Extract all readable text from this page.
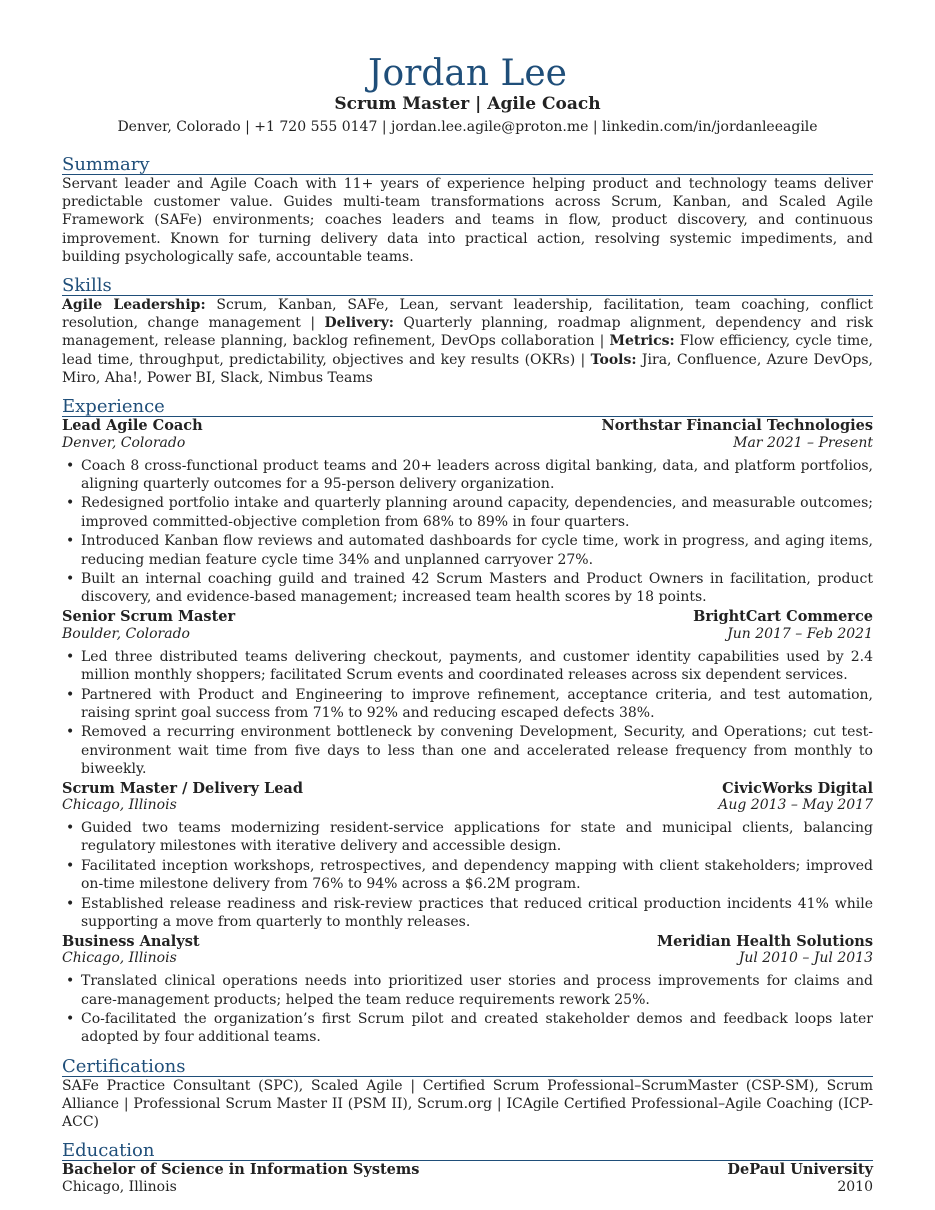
Jordan Lee
Scrum Master | Agile Coach
Denver, Colorado | +1 720 555 0147 | jordan.lee.agile@proton.me | linkedin.com/in/jordanleeagile
Summary

Servant leader and Agile Coach with 11+ years of experience helping product and technology teams deliver predictable customer value. Guides multi-team transformations across Scrum, Kanban, and Scaled Agile Framework (SAFe) environments; coaches leaders and teams in flow, product discovery, and continuous improvement. Known for turning delivery data into practical action, resolving systemic impediments, and building psychologically safe, accountable teams.

Skills

Agile Leadership: Scrum, Kanban, SAFe, Lean, servant leadership, facilitation, team coaching, conflict resolution, change management | Delivery: Quarterly planning, roadmap alignment, dependency and risk management, release planning, backlog refinement, DevOps collaboration | Metrics: Flow efficiency, cycle time, lead time, throughput, predictability, objectives and key results (OKRs) | Tools: Jira, Confluence, Azure DevOps, Miro, Aha!, Power BI, Slack, Nimbus Teams

Experience
Lead Agile Coach	Northstar Financial Technologies
Denver, Colorado	Mar 2021 – Present
• Coach 8 cross-functional product teams and 20+ leaders across digital banking, data, and platform portfolios, aligning quarterly outcomes for a 95-person delivery organization.
• Redesigned portfolio intake and quarterly planning around capacity, dependencies, and measurable outcomes; improved committed-objective completion from 68% to 89% in four quarters.
• Introduced Kanban flow reviews and automated dashboards for cycle time, work in progress, and aging items, reducing median feature cycle time 34% and unplanned carryover 27%.
• Built an internal coaching guild and trained 42 Scrum Masters and Product Owners in facilitation, product discovery, and evidence-based management; increased team health scores by 18 points.
Senior Scrum Master	BrightCart Commerce
Boulder, Colorado	Jun 2017 – Feb 2021
• Led three distributed teams delivering checkout, payments, and customer identity capabilities used by 2.4 million monthly shoppers; facilitated Scrum events and coordinated releases across six dependent services.
• Partnered with Product and Engineering to improve refinement, acceptance criteria, and test automation, raising sprint goal success from 71% to 92% and reducing escaped defects 38%.
• Removed a recurring environment bottleneck by convening Development, Security, and Operations; cut test-environment wait time from five days to less than one and accelerated release frequency from monthly to biweekly.
Scrum Master / Delivery Lead	CivicWorks Digital
Chicago, Illinois	Aug 2013 – May 2017
• Guided two teams modernizing resident-service applications for state and municipal clients, balancing regulatory milestones with iterative delivery and accessible design.
• Facilitated inception workshops, retrospectives, and dependency mapping with client stakeholders; improved on-time milestone delivery from 76% to 94% across a $6.2M program.
• Established release readiness and risk-review practices that reduced critical production incidents 41% while supporting a move from quarterly to monthly releases.
Business Analyst	Meridian Health Solutions
Chicago, Illinois	Jul 2010 – Jul 2013
• Translated clinical operations needs into prioritized user stories and process improvements for claims and care-management products; helped the team reduce requirements rework 25%.
• Co-facilitated the organization’s first Scrum pilot and created stakeholder demos and feedback loops later adopted by four additional teams.
Certifications

SAFe Practice Consultant (SPC), Scaled Agile | Certified Scrum Professional–ScrumMaster (CSP-SM), Scrum Alliance | Professional Scrum Master II (PSM II), Scrum.org | ICAgile Certified Professional–Agile Coaching (ICP-ACC)

Education
Bachelor of Science in Information Systems	DePaul University
Chicago, Illinois	2010
